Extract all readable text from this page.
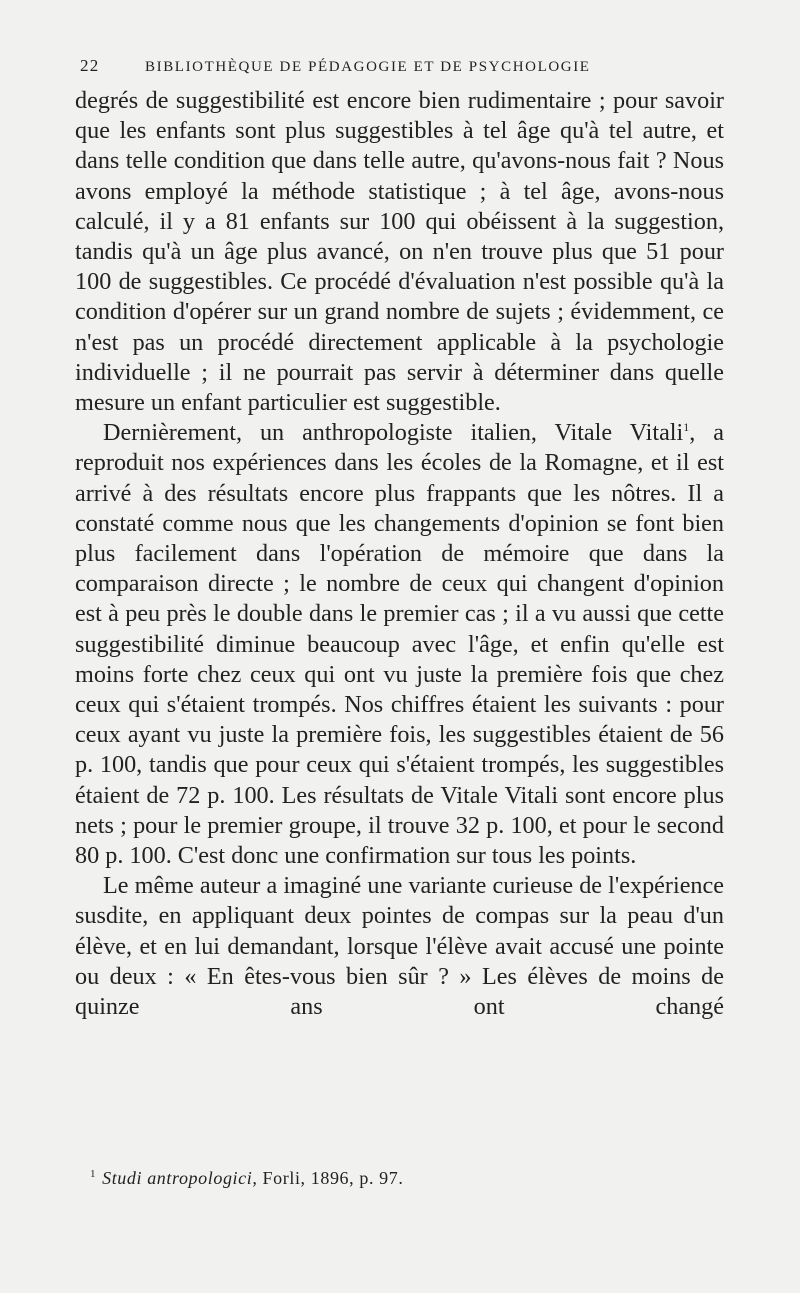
22	BIBLIOTHÈQUE DE PÉDAGOGIE ET DE PSYCHOLOGIE

degrés de suggestibilité est encore bien rudimentaire ; pour savoir que les enfants sont plus suggestibles à tel âge qu'à tel autre, et dans telle condition que dans telle autre, qu'avons-nous fait ? Nous avons employé la méthode statistique ; à tel âge, avons-nous calculé, il y a 81 enfants sur 100 qui obéissent à la suggestion, tandis qu'à un âge plus avancé, on n'en trouve plus que 51 pour 100 de suggestibles. Ce procédé d'évaluation n'est possible qu'à la condition d'opérer sur un grand nombre de sujets ; évidemment, ce n'est pas un procédé directement applicable à la psychologie individuelle ; il ne pourrait pas servir à déterminer dans quelle mesure un enfant particulier est suggestible.

Dernièrement, un anthropologiste italien, Vitale Vitali$^1$, a reproduit nos expériences dans les écoles de la Romagne, et il est arrivé à des résultats encore plus frappants que les nôtres. Il a constaté comme nous que les changements d'opinion se font bien plus facilement dans l'opération de mémoire que dans la comparaison directe ; le nombre de ceux qui changent d'opinion est à peu près le double dans le premier cas ; il a vu aussi que cette suggestibilité diminue beaucoup avec l'âge, et enfin qu'elle est moins forte chez ceux qui ont vu juste la première fois que chez ceux qui s'étaient trompés. Nos chiffres étaient les suivants : pour ceux ayant vu juste la première fois, les suggestibles étaient de 56 p. 100, tandis que pour ceux qui s'étaient trompés, les suggestibles étaient de 72 p. 100. Les résultats de Vitale Vitali sont encore plus nets ; pour le premier groupe, il trouve 32 p. 100, et pour le second 80 p. 100. C'est donc une confirmation sur tous les points.

Le même auteur a imaginé une variante curieuse de l'expérience susdite, en appliquant deux pointes de compas sur la peau d'un élève, et en lui demandant, lorsque l'élève avait accusé une pointe ou deux : « En êtes-vous bien sûr ? » Les élèves de moins de quinze ans ont changé

$^1$ Studi antropologici, Forli, 1896, p. 97.
